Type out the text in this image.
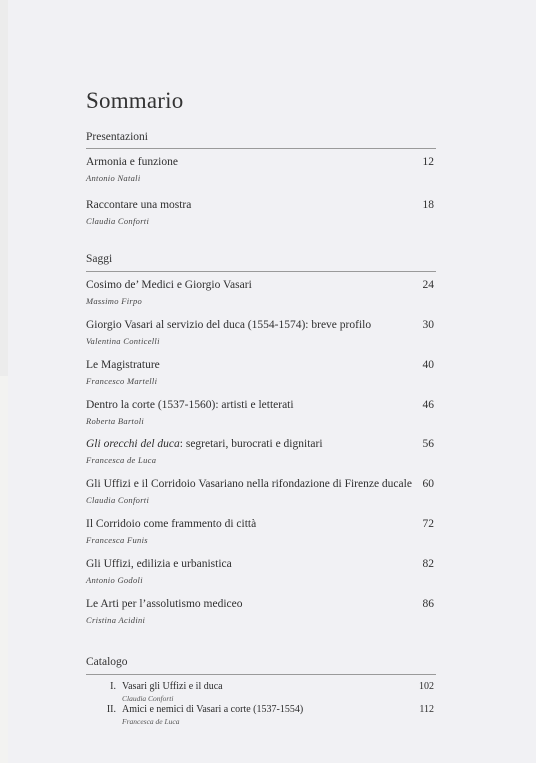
Sommario
Presentazioni
Armonia e funzione
Antonio Natali
12
Raccontare una mostra
Claudia Conforti
18
Saggi
Cosimo de’ Medici e Giorgio Vasari
Massimo Firpo
24
Giorgio Vasari al servizio del duca (1554-1574): breve profilo
Valentina Conticelli
30
Le Magistrature
Francesco Martelli
40
Dentro la corte (1537-1560): artisti e letterati
Roberta Bartoli
46
Gli orecchi del duca: segretari, burocrati e dignitari
Francesca de Luca
56
Gli Uffizi e il Corridoio Vasariano nella rifondazione di Firenze ducale
Claudia Conforti
60
Il Corridoio come frammento di città
Francesca Funis
72
Gli Uffizi, edilizia e urbanistica
Antonio Godoli
82
Le Arti per l’assolutismo mediceo
Cristina Acidini
86
Catalogo
I. Vasari gli Uffizi e il duca
Claudia Conforti
102
II. Amici e nemici di Vasari a corte (1537-1554)
Francesca de Luca
112
